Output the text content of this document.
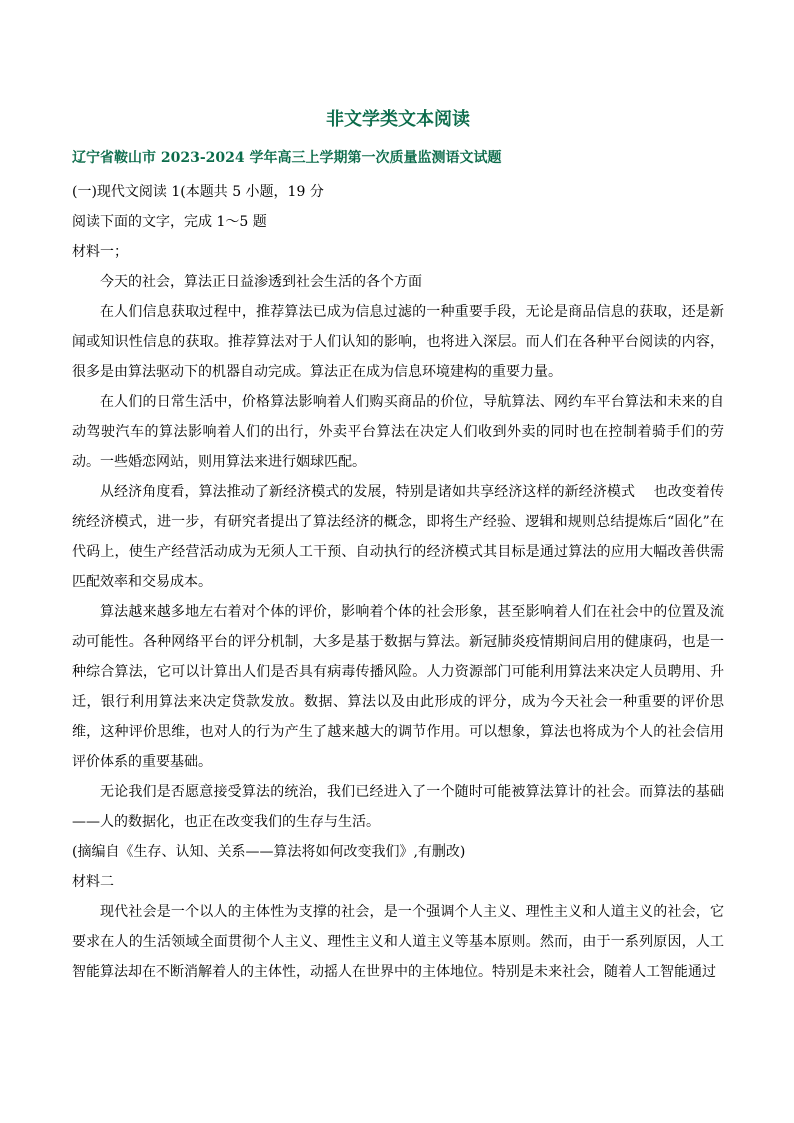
非文学类文本阅读
辽宁省鞍山市 2023-2024 学年高三上学期第一次质量监测语文试题

(一)现代文阅读 1(本题共 5 小题，19 分

阅读下面的文字，完成 1～5 题

材料一；

今天的社会，算法正日益渗透到社会生活的各个方面

在人们信息获取过程中，推荐算法已成为信息过滤的一种重要手段，无论是商品信息的获取，还是新闻或知识性信息的获取。推荐算法对于人们认知的影响，也将进入深层。而人们在各种平台阅读的内容，很多是由算法驱动下的机器自动完成。算法正在成为信息环境建构的重要力量。

在人们的日常生活中，价格算法影响着人们购买商品的价位，导航算法、网约车平台算法和未来的自动驾驶汽车的算法影响着人们的出行，外卖平台算法在决定人们收到外卖的同时也在控制着骑手们的劳动。一些婚恋网站，则用算法来进行姻球匹配。

从经济角度看，算法推动了新经济模式的发展，特别是诸如共享经济这样的新经济模式　 也改变着传统经济模式，进一步，有研究者提出了算法经济的概念，即将生产经验、逻辑和规则总结提炼后“固化”在代码上，使生产经营活动成为无须人工干预、自动执行的经济模式其目标是通过算法的应用大幅改善供需匹配效率和交易成本。

算法越来越多地左右着对个体的评价，影响着个体的社会形象，甚至影响着人们在社会中的位置及流动可能性。各种网络平台的评分机制，大多是基于数据与算法。新冠肺炎疫情期间启用的健康码，也是一种综合算法，它可以计算出人们是否具有病毒传播风险。人力资源部门可能利用算法来决定人员聘用、升迁，银行利用算法来决定贷款发放。数据、算法以及由此形成的评分，成为今天社会一种重要的评价思维，这种评价思维，也对人的行为产生了越来越大的调节作用。可以想象，算法也将成为个人的社会信用评价体系的重要基础。

无论我们是否愿意接受算法的统治，我们已经进入了一个随时可能被算法算计的社会。而算法的基础——人的数据化，也正在改变我们的生存与生活。

(摘编自《生存、认知、关系——算法将如何改变我们》,有删改)

材料二

现代社会是一个以人的主体性为支撑的社会，是一个强调个人主义、理性主义和人道主义的社会，它要求在人的生活领域全面贯彻个人主义、理性主义和人道主义等基本原则。然而，由于一系列原因，人工智能算法却在不断消解着人的主体性，动摇人在世界中的主体地位。特别是未来社会，随着人工智能通过
